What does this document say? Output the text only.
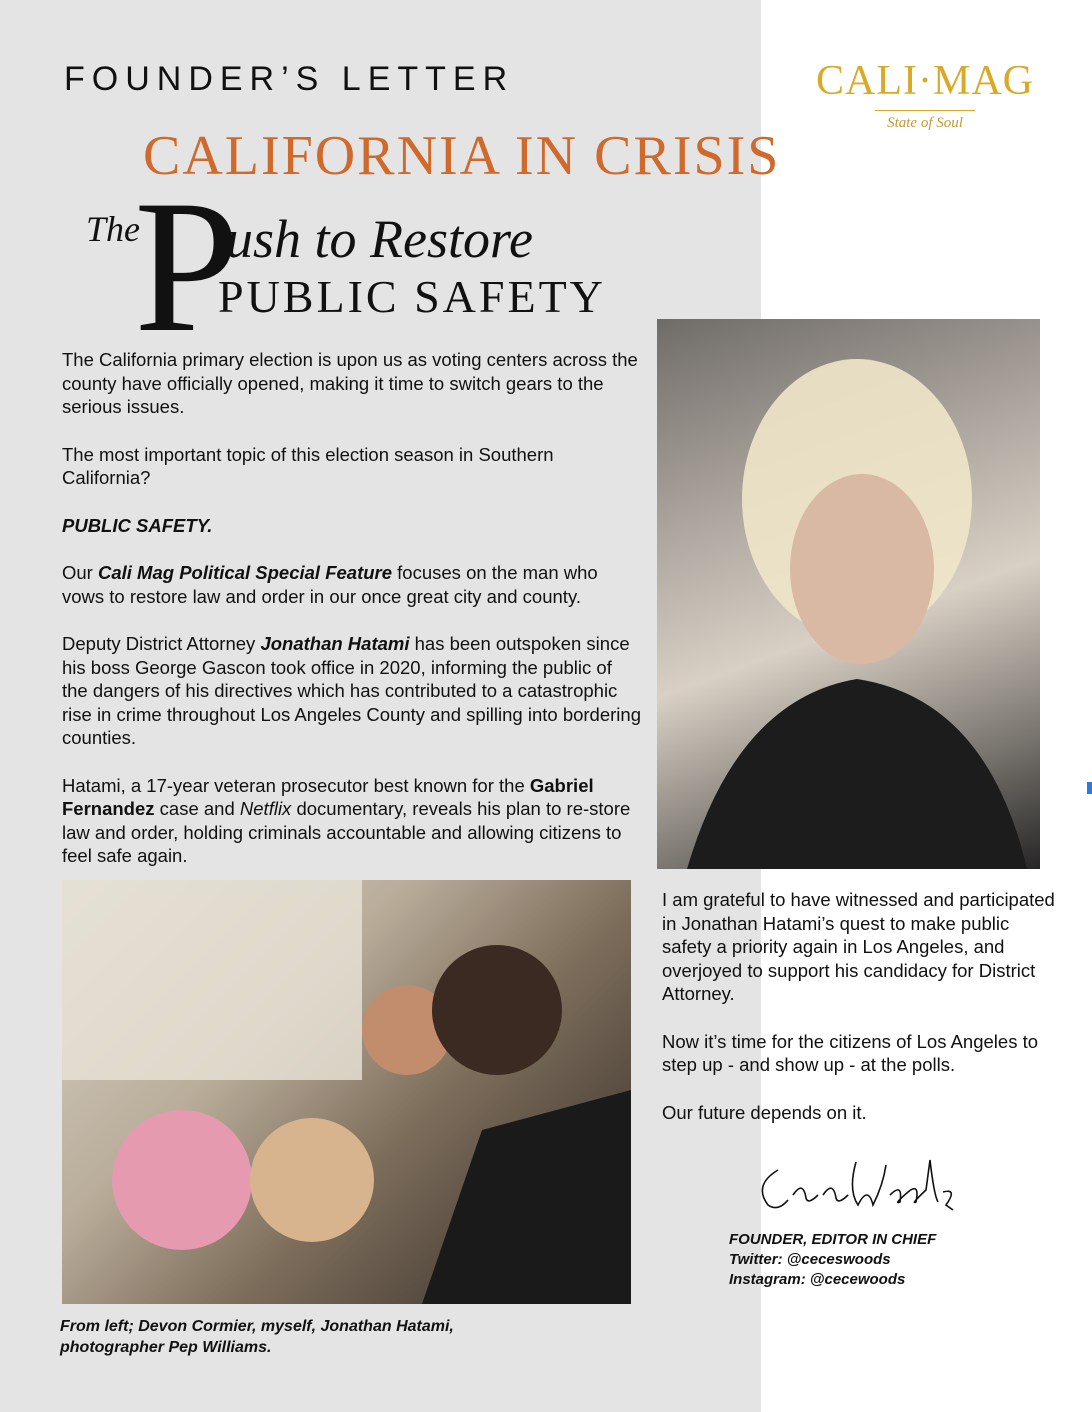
FOUNDER’S LETTER	CALI·MAG
State of Soul
CALIFORNIA IN CRISIS
The
P
ush to Restore
PUBLIC SAFETY

The California primary election is upon us as voting centers across the county have officially opened, making it time to switch gears to the serious issues.

The most important topic of this election season in Southern California?

PUBLIC SAFETY.

Our Cali Mag Political Special Feature focuses on the man who vows to restore law and order in our once great city and county.

Deputy District Attorney Jonathan Hatami has been outspoken since his boss George Gascon took office in 2020, informing the public of the dangers of his directives which has contributed to a catastrophic rise in crime throughout Los Angeles County and spilling into bordering counties.

Hatami, a 17-year veteran prosecutor best known for the Gabriel Fernandez case and Netflix documentary, reveals his plan to re-store law and order, holding criminals accountable and allowing citizens to feel safe again.

From left; Devon Cormier, myself, Jonathan Hatami, photographer Pep Williams.

I am grateful to have witnessed and participated in Jonathan Hatami’s quest to make public safety a priority again in Los Angeles, and overjoyed to support his candidacy for District Attorney.

Now it’s time for the citizens of Los Angeles to step up - and show up - at the polls.

Our future depends on it.

FOUNDER, EDITOR IN CHIEF
Twitter: @ceceswoods
Instagram: @cecewoods
